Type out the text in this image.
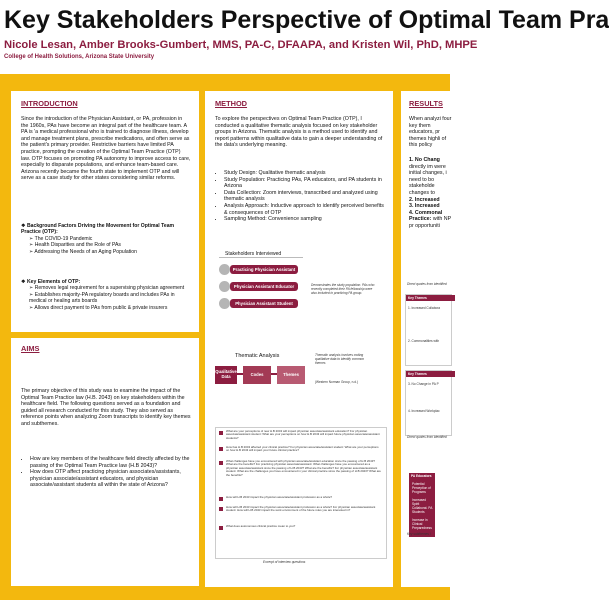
Key Stakeholders Perspective of Optimal Team Pra
Nicole Lesan, Amber Brooks-Gumbert, MMS, PA-C, DFAAPA, and Kristen Wil, PhD, MHPE
College of Health Solutions, Arizona State University
INTRODUCTION
Since the introduction of the Physician Assistant, or PA, profession in the 1960s, PAs have become an integral part of the healthcare team. A PA is 'a medical professional who is trained to diagnose illness, develop and manage treatment plans, prescribe medications, and often serve as the patient's primary provider. Restrictive barriers have limited PA practice, prompting the creation of the Optimal Team Practice (OTP) law. OTP focuses on promoting PA autonomy to improve access to care, especially to disparate populations, and enhance team-based care. Arizona recently became the fourth state to implement OTP and will serve as a case study for other states considering similar reforms.
❖ Background Factors Driving the Movement for Optimal Team Practice (OTP):
➢ The COVID-19 Pandemic
➢ Health Disparities and the Role of PAs
➢ Addressing the Needs of an Aging Population
❖ Key Elements of OTP:
➢ Removes legal requirement for a supervising physician agreement
➢ Establishes majority-PA regulatory boards and includes PAs in medical or healing arts boards
➢ Allows direct payment to PAs from public & private insurers
AIMS
The primary objective of this study was to examine the impact of the Optimal Team Practice law (H.B. 2043) on key stakeholders within the healthcare field. The following questions served as a foundation and guided all research conducted for this study. They also served as reference points when analyzing Zoom transcripts to identify key themes and subthemes.
• How are key members of the healthcare field directly affected by the passing of the Optimal Team Practice law (H.B 2043)?
• How does OTP affect practicing physician associates/assistants, physician associate/assistant educators, and physician associate/assistant students all within the state of Arizona?
METHOD
To explore the perspectives on Optimal Team Practice (OTP), I conducted a qualitative thematic analysis focused on key stakeholder groups in Arizona. Thematic analysis is a method used to identify and report patterns within qualitative data to gain a deeper understanding of the data's underlying meaning.
• Study Design: Qualitative thematic analysis
• Study Population: Practicing PAs, PA educators, and PA students in Arizona
• Data Collection: Zoom interviews, transcribed and analyzed using thematic analysis
• Analysis Approach: Inductive approach to identify perceived benefits & consequences of OTP
• Sampling Method: Convenience sampling
Stakeholders Interviewed
Practicing Physician Assistant
Physician Assistant Educator
Physician Assistant Student
Demonstrates the study population. PAs who recently completed their PA fellowship were also included in practicing PA group.
Thematic Analysis
Qualitative Data	Codes	Themes
Thematic analysis involves coding qualitative data to identify common themes
(Western Norman Group, n.d.)
What are your perceptions of new H.B 2043 will impact physician associate/assistant education? For physician associate/assistant student: What are your perceptions on how H.B 2043 will impact future physician associate/assistant students?
How has H.B 2043 affected your clinical practice? For physician associate/assistant student: What are your perceptions on how H.B 2043 will impact your future clinical practice?
What challenges have you encountered with physician associate/assistant education since the passing of H.B 2043? What are the benefits? For practicing physician associate/assistant: What challenges have you encountered as a physician associate/assistant since the passing of H.B 2043? What are the benefits? For physician associate/assistant student: What are the challenges you have encountered in your clinical practice since the passing of H.B 2043? What are the benefits?
How will H.B 2043 impact the physician associate/assistant profession as a whole?
How will H.B 2043 impact the physician associate/assistant profession as a whole? For physician associate/assistant student: How will H.B 2043 impact the work environment of the future roles you are interested in?
What does autonomous clinical practice mean to you?
Excerpt of interview questions
RESULTS
When analyzi four key them educators, pr themes highli of this policy
1. No Chang directly im were initial changes, i need to bo stakeholde changes to
2. Increased
3. Increased
4. Commonal Practice: with NP pr opportuniti
Direct quotes from identified
Key Themes
1. Increased Collabora
2. Commonalities with
Key Themes
3. No Change in PA P
4. Increased Workplac
Direct quotes from identified
PA Educators
Potential Perception of Programs
Increased Spirit Collaborat. PA Students
Increase in Clinical Preparedness
Key subthemes i
